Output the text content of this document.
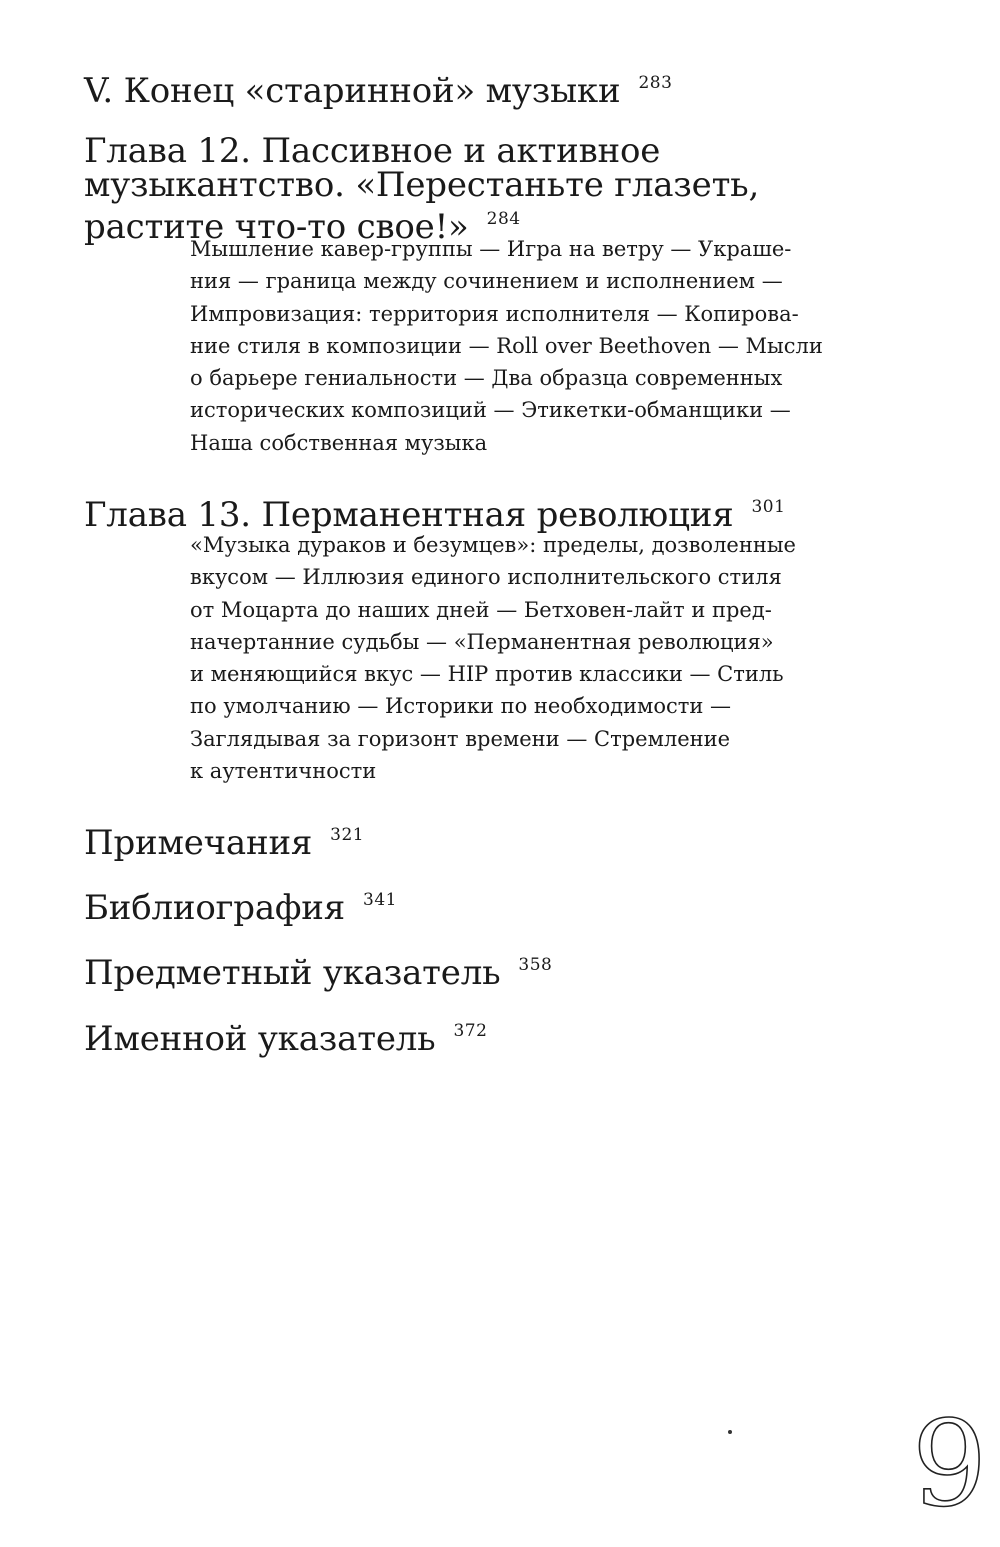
V. Конец «старинной» музыки $^{283}$
Глава 12. Пассивное и активное
музыкантство. «Перестаньте глазеть,
растите что-то свое!» $^{284}$
Мышление кавер-группы — Игра на ветру — Украше-
ния — граница между сочинением и исполнением —
Импровизация: территория исполнителя — Копирова-
ние стиля в композиции — Roll over Beethoven — Мысли
о барьере гениальности — Два образца современных
исторических композиций — Этикетки-обманщики —
Наша собственная музыка
Глава 13. Перманентная революция $^{301}$
«Музыка дураков и безумцев»: пределы, дозволенные
вкусом — Иллюзия единого исполнительского стиля
от Моцарта до наших дней — Бетховен-лайт и пред-
начертанние судьбы — «Перманентная революция»
и меняющийся вкус — HIP против классики — Стиль
по умолчанию — Историки по необходимости —
Заглядывая за горизонт времени — Стремление
к аутентичности
Примечания $^{321}$
Библиография $^{341}$
Предметный указатель $^{358}$
Именной указатель $^{372}$
9
